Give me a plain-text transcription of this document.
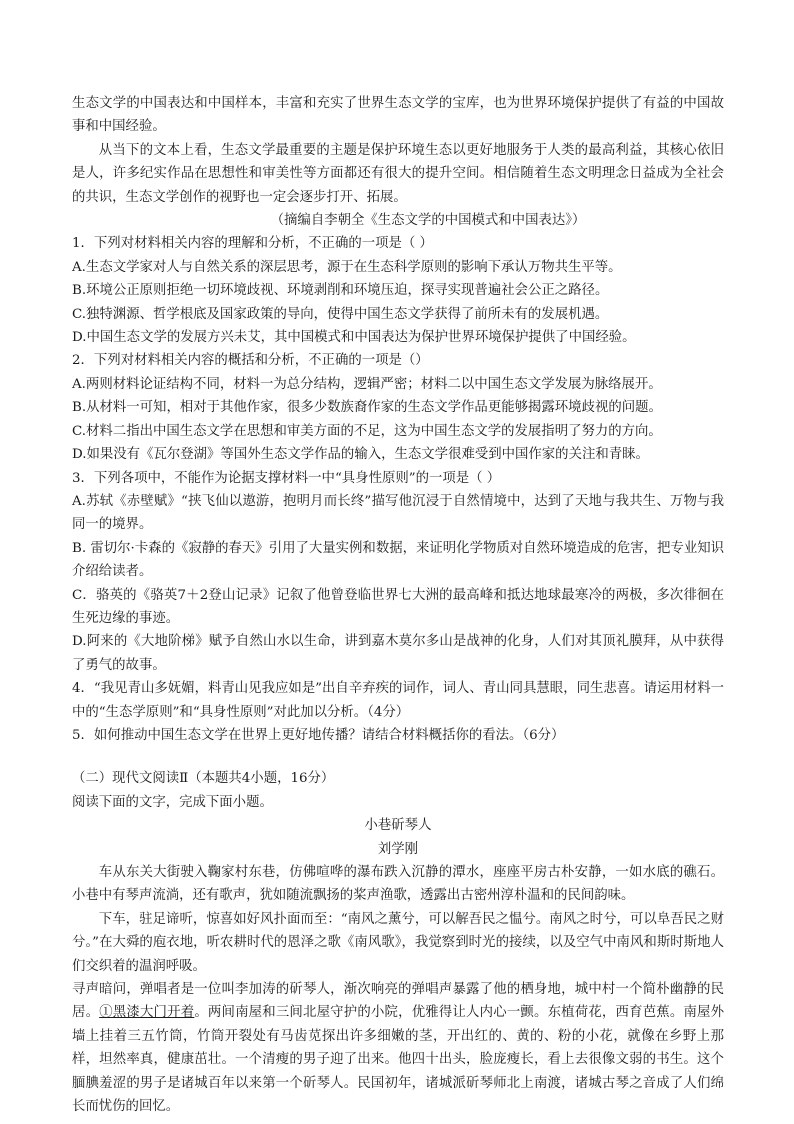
生态文学的中国表达和中国样本，丰富和充实了世界生态文学的宝库，也为世界环境保护提供了有益的中国故事和中国经验。

从当下的文本上看，生态文学最重要的主题是保护环境生态以更好地服务于人类的最高利益，其核心依旧是人，许多纪实作品在思想性和审美性等方面都还有很大的提升空间。相信随着生态文明理念日益成为全社会的共识，生态文学创作的视野也一定会逐步打开、拓展。

（摘编自李朝全《生态文学的中国模式和中国表达》）

1．下列对材料相关内容的理解和分析，不正确的一项是（ ）

A.生态文学家对人与自然关系的深层思考，源于在生态科学原则的影响下承认万物共生平等。

B.环境公正原则拒绝一切环境歧视、环境剥削和环境压迫，探寻实现普遍社会公正之路径。

C.独特渊源、哲学根底及国家政策的导向，使得中国生态文学获得了前所未有的发展机遇。

D.中国生态文学的发展方兴未艾，其中国模式和中国表达为保护世界环境保护提供了中国经验。

2．下列对材料相关内容的概括和分析，不正确的一项是（）

A.两则材料论证结构不同，材料一为总分结构，逻辑严密；材料二以中国生态文学发展为脉络展开。

B.从材料一可知，相对于其他作家，很多少数族裔作家的生态文学作品更能够揭露环境歧视的问题。

C.材料二指出中国生态文学在思想和审美方面的不足，这为中国生态文学的发展指明了努力的方向。

D.如果没有《瓦尔登湖》等国外生态文学作品的输入，生态文学很难受到中国作家的关注和青睐。

3．下列各项中，不能作为论据支撑材料一中“具身性原则”的一项是（ ）

A.苏轼《赤壁赋》“挟飞仙以遨游，抱明月而长终”描写他沉浸于自然情境中，达到了天地与我共生、万物与我同一的境界。

B. 雷切尔·卡森的《寂静的春天》引用了大量实例和数据，来证明化学物质对自然环境造成的危害，把专业知识介绍给读者。

C．骆英的《骆英7＋2登山记录》记叙了他曾登临世界七大洲的最高峰和抵达地球最寒冷的两极，多次徘徊在生死边缘的事迹。

D.阿来的《大地阶梯》赋予自然山水以生命，讲到嘉木莫尔多山是战神的化身，人们对其顶礼膜拜，从中获得了勇气的故事。

4．“我见青山多妩媚，料青山见我应如是”出自辛弃疾的词作，词人、青山同具慧眼，同生悲喜。请运用材料一中的“生态学原则”和“具身性原则”对此加以分析。（4分）

5．如何推动中国生态文学在世界上更好地传播？请结合材料概括你的看法。（6分）

（二）现代文阅读Ⅱ（本题共4小题，16分）

阅读下面的文字，完成下面小题。

小巷斫琴人

刘学刚

车从东关大街驶入鞠家村东巷，仿佛喧哗的瀑布跌入沉静的潭水，座座平房古朴安静，一如水底的礁石。小巷中有琴声流淌，还有歌声，犹如随流飘扬的桨声渔歌，透露出古密州淳朴温和的民间韵味。

下车，驻足谛听，惊喜如好风扑面而至：“南风之薰兮，可以解吾民之愠兮。南风之时兮，可以阜吾民之财兮。”在大舜的庖衣地，听农耕时代的恩泽之歌《南风歌》，我觉察到时光的接续，以及空气中南风和斯时斯地人们交织着的温润呼吸。

寻声暗问，弹唱者是一位叫李加涛的斫琴人，渐次响亮的弹唱声暴露了他的栖身地，城中村一个简朴幽静的民居。①黑漆大门开着。两间南屋和三间北屋守护的小院，优雅得让人内心一颤。东植荷花，西育芭蕉。南屋外墙上挂着三五竹筒，竹筒开裂处有马齿苋探出许多细嫩的茎，开出红的、黄的、粉的小花，就像在乡野上那样，坦然率真，健康茁壮。一个清瘦的男子迎了出来。他四十出头，脸庞瘦长，看上去很像文弱的书生。这个腼腆羞涩的男子是诸城百年以来第一个斫琴人。民国初年，诸城派斫琴师北上南渡，诸城古琴之音成了人们绵长而忧伤的回忆。
